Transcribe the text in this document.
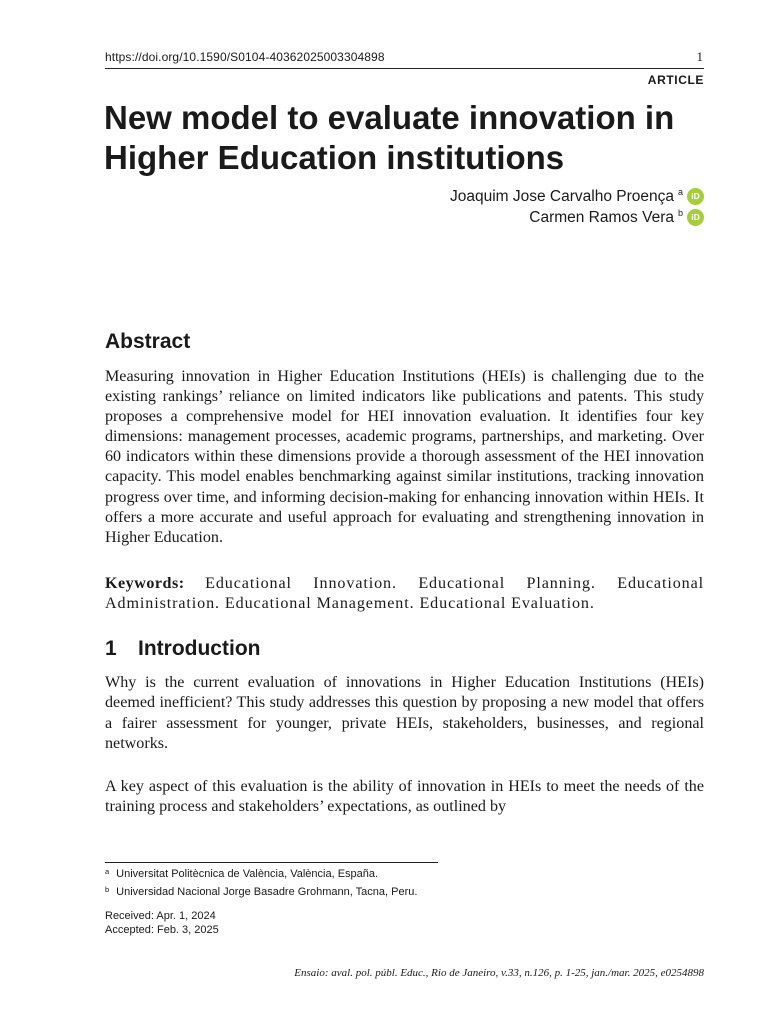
https://doi.org/10.1590/S0104-40362025003304898	1
ARTICLE
New model to evaluate innovation in Higher Education institutions
Joaquim Jose Carvalho Proença a iD
Carmen Ramos Vera b iD
Abstract

Measuring innovation in Higher Education Institutions (HEIs) is challenging due to the existing rankings’ reliance on limited indicators like publications and patents. This study proposes a comprehensive model for HEI innovation evaluation. It identifies four key dimensions: management processes, academic programs, partnerships, and marketing. Over 60 indicators within these dimensions provide a thorough assessment of the HEI innovation capacity. This model enables benchmarking against similar institutions, tracking innovation progress over time, and informing decision-making for enhancing innovation within HEIs. It offers a more accurate and useful approach for evaluating and strengthening innovation in Higher Education.

Keywords: Educational Innovation. Educational Planning. Educational Administration. Educational Management. Educational Evaluation.

1 Introduction

Why is the current evaluation of innovations in Higher Education Institutions (HEIs) deemed inefficient? This study addresses this question by proposing a new model that offers a fairer assessment for younger, private HEIs, stakeholders, businesses, and regional networks.

A key aspect of this evaluation is the ability of innovation in HEIs to meet the needs of the training process and stakeholders’ expectations, as outlined by

$^a$ Universitat Politècnica de València, València, España.
$^b$ Universidad Nacional Jorge Basadre Grohmann, Tacna, Peru.
Received: Apr. 1, 2024
Accepted: Feb. 3, 2025
Ensaio: aval. pol. públ. Educ., Rio de Janeiro, v.33, n.126, p. 1-25, jan./mar. 2025, e0254898
